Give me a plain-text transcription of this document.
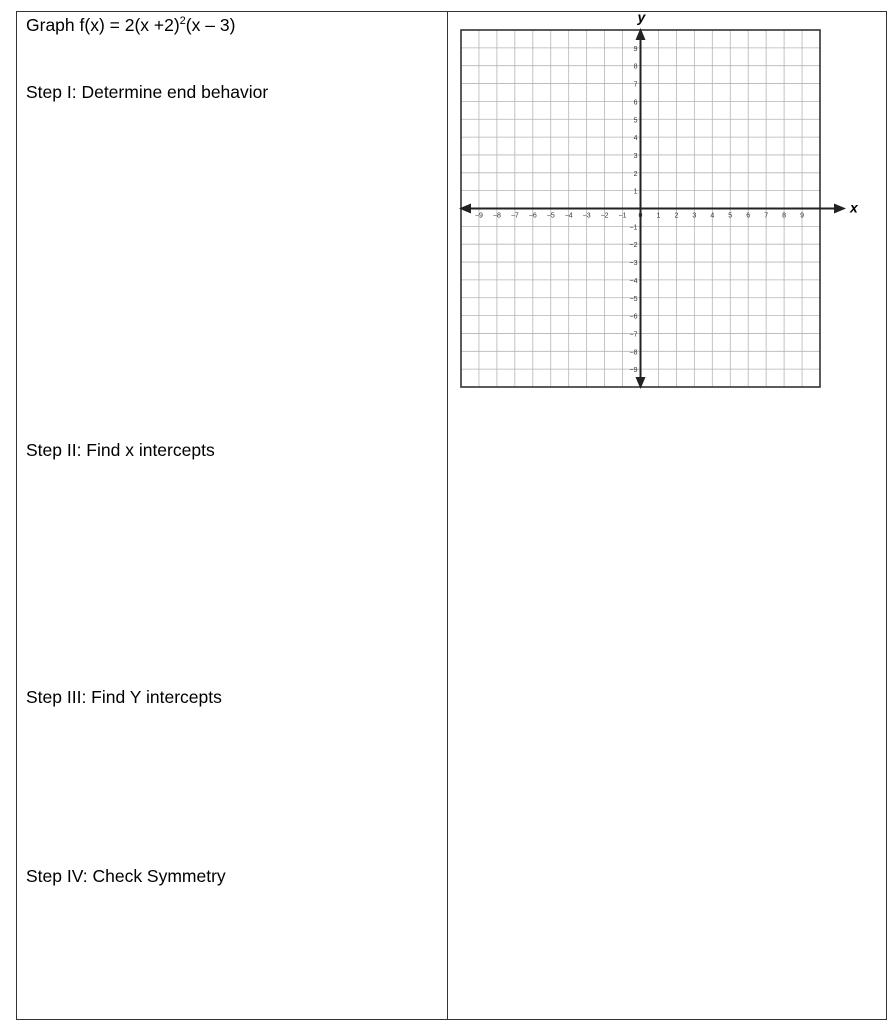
Graph $f(x) = 2(x +2)^2(x - 3)$
Step I: Determine end behavior
Step II: Find x intercepts
Step III: Find Y intercepts
Step IV: Check Symmetry
x
y
−9 −8 −7 −6 −5 −4 −3 −2 −1 0 1 2 3 4 5 6 7 8 9
9
8
7
6
5
4
3
2
1
−1
−2
−3
−4
−5
−6
−7
−8
−9
